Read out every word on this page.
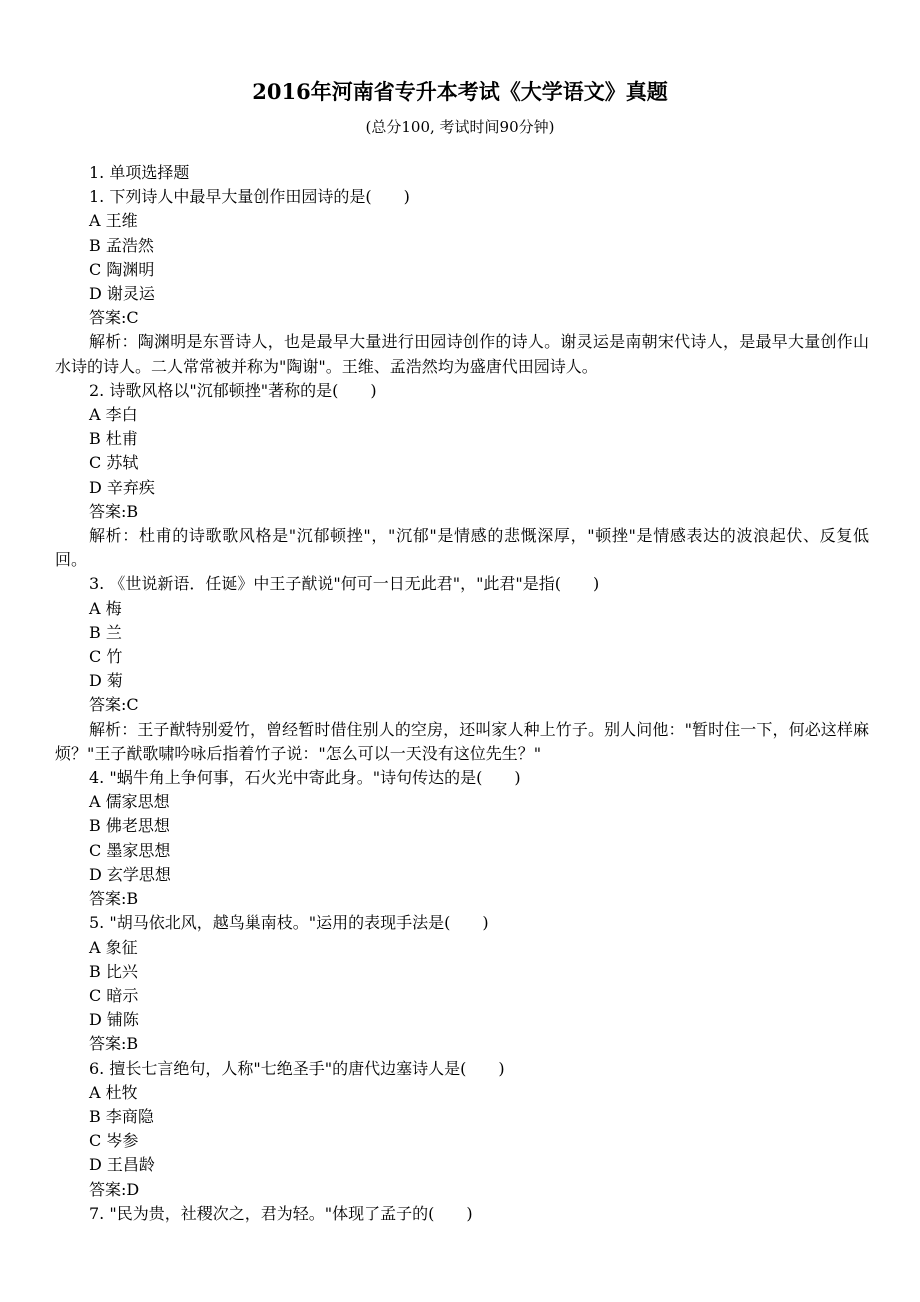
2016年河南省专升本考试《大学语文》真题
(总分100, 考试时间90分钟)

1. 单项选择题

1. 下列诗人中最早大量创作田园诗的是(　　)

A 王维

B 孟浩然

C 陶渊明

D 谢灵运

答案:C

解析：陶渊明是东晋诗人，也是最早大量进行田园诗创作的诗人。谢灵运是南朝宋代诗人，是最早大量创作山水诗的诗人。二人常常被并称为"陶谢"。王维、孟浩然均为盛唐代田园诗人。

2. 诗歌风格以"沉郁顿挫"著称的是(　　)

A 李白

B 杜甫

C 苏轼

D 辛弃疾

答案:B

解析：杜甫的诗歌歌风格是"沉郁顿挫"，"沉郁"是情感的悲慨深厚，"顿挫"是情感表达的波浪起伏、反复低回。

3. 《世说新语．任诞》中王子猷说"何可一日无此君"，"此君"是指(　　)

A 梅

B 兰

C 竹

D 菊

答案:C

解析：王子猷特别爱竹，曾经暂时借住别人的空房，还叫家人种上竹子。别人问他："暂时住一下，何必这样麻烦？"王子猷歌啸吟咏后指着竹子说："怎么可以一天没有这位先生？"

4. "蜗牛角上争何事，石火光中寄此身。"诗句传达的是(　　)

A 儒家思想

B 佛老思想

C 墨家思想

D 玄学思想

答案:B

5. "胡马依北风，越鸟巢南枝。"运用的表现手法是(　　)

A 象征

B 比兴

C 暗示

D 铺陈

答案:B

6. 擅长七言绝句，人称"七绝圣手"的唐代边塞诗人是(　　)

A 杜牧

B 李商隐

C 岑参

D 王昌龄

答案:D

7. "民为贵，社稷次之，君为轻。"体现了孟子的(　　)
